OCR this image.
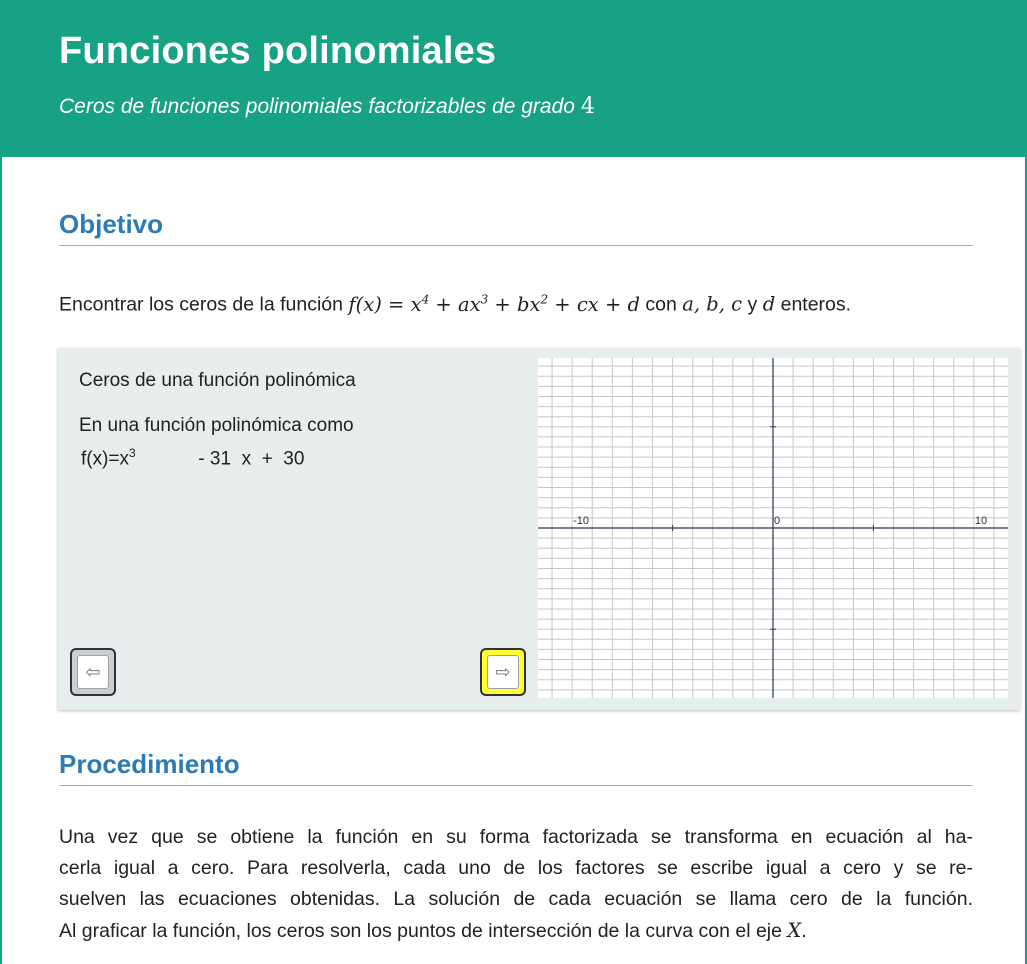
Funciones polinomiales
Ceros de funciones polinomiales factorizables de grado 4
Objetivo
Encontrar los ceros de la función $f(x) = x^4 + ax^3 + bx^2$ + cx + d con a, b, c y d enteros.
Ceros de una función polinómica
En una función polinómica como
$f(x)=x^3$	- 31  x  +  30
⇦	⇨
-10	0	10
Procedimiento
Una vez que se obtiene la función en su forma factorizada se transforma en ecuación al ha-
cerla igual a cero. Para resolverla, cada uno de los factores se escribe igual a cero y se re-
suelven las ecuaciones obtenidas. La solución de cada ecuación se llama cero de la función.
Al graficar la función, los ceros son los puntos de intersección de la curva con el eje X.
